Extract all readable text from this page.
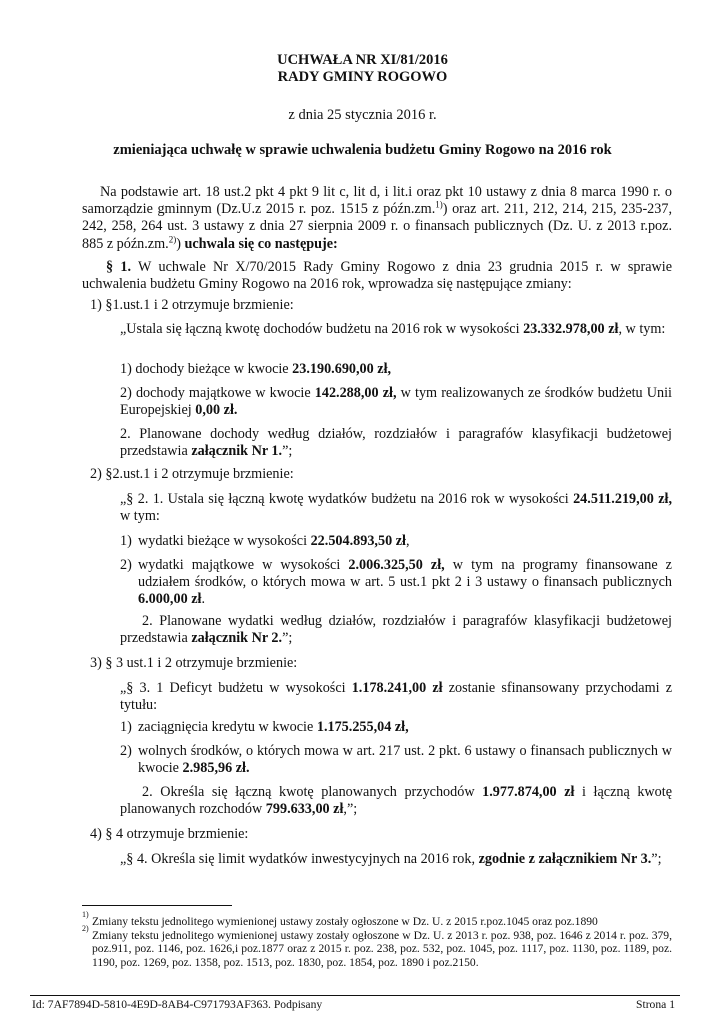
UCHWAŁA NR XI/81/2016
RADY GMINY ROGOWO
z dnia 25 stycznia 2016 r.
zmieniająca uchwałę w sprawie uchwalenia budżetu Gminy Rogowo na 2016 rok
Na podstawie art. 18 ust.2 pkt 4 pkt 9 lit c, lit d, i lit.i oraz pkt 10 ustawy z dnia 8 marca 1990 r. o samorządzie gminnym (Dz.U.z 2015 r. poz. 1515 z późn.zm.$^{1)}$) oraz art. 211, 212, 214, 215, 235-237, 242, 258, 264 ust. 3 ustawy z dnia 27 sierpnia 2009 r. o finansach publicznych (Dz. U. z 2013 r.poz. 885 z późn.zm.$^{2)}$) uchwala się co następuje:
§ 1. W uchwale Nr X/70/2015 Rady Gminy Rogowo z dnia 23 grudnia 2015 r. w sprawie uchwalenia budżetu Gminy Rogowo na 2016 rok, wprowadza się następujące zmiany:
1) §1.ust.1 i 2 otrzymuje brzmienie:
„Ustala się łączną kwotę dochodów budżetu na 2016 rok w wysokości 23.332.978,00 zł, w tym:
1) dochody bieżące w kwocie 23.190.690,00 zł,
2) dochody majątkowe w kwocie 142.288,00 zł, w tym realizowanych ze środków budżetu Unii Europejskiej 0,00 zł.
2. Planowane dochody według działów, rozdziałów i paragrafów klasyfikacji budżetowej przedstawia załącznik Nr 1.”;
2) §2.ust.1 i 2 otrzymuje brzmienie:
„§ 2. 1. Ustala się łączną kwotę wydatków budżetu na 2016 rok w wysokości 24.511.219,00 zł, w tym:
1) wydatki bieżące w wysokości 22.504.893,50 zł,
2) wydatki majątkowe w wysokości 2.006.325,50 zł, w tym na programy finansowane z udziałem środków, o których mowa w art. 5 ust.1 pkt 2 i 3 ustawy o finansach publicznych 6.000,00 zł.
2. Planowane wydatki według działów, rozdziałów i paragrafów klasyfikacji budżetowej przedstawia załącznik Nr 2.”;
3) § 3 ust.1 i 2 otrzymuje brzmienie:
„§ 3. 1 Deficyt budżetu w wysokości 1.178.241,00 zł zostanie sfinansowany przychodami z tytułu:
1) zaciągnięcia kredytu w kwocie 1.175.255,04 zł,
2) wolnych środków, o których mowa w art. 217 ust. 2 pkt. 6 ustawy o finansach publicznych w kwocie 2.985,96 zł.
2. Określa się łączną kwotę planowanych przychodów 1.977.874,00 zł i łączną kwotę planowanych rozchodów 799.633,00 zł,”;
4) § 4 otrzymuje brzmienie:
„§ 4. Określa się limit wydatków inwestycyjnych na 2016 rok, zgodnie z załącznikiem Nr 3.”;
1)
Zmiany tekstu jednolitego wymienionej ustawy zostały ogłoszone w Dz. U. z 2015 r.poz.1045 oraz poz.1890
2)
Zmiany tekstu jednolitego wymienionej ustawy zostały ogłoszone w Dz. U. z 2013 r. poz. 938, poz. 1646 z 2014 r. poz. 379, poz.911, poz. 1146, poz. 1626,i poz.1877 oraz z 2015 r. poz. 238, poz. 532, poz. 1045, poz. 1117, poz. 1130, poz. 1189, poz. 1190, poz. 1269, poz. 1358, poz. 1513, poz. 1830, poz. 1854, poz. 1890 i poz.2150.
Id: 7AF7894D-5810-4E9D-8AB4-C971793AF363. Podpisany	Strona 1
